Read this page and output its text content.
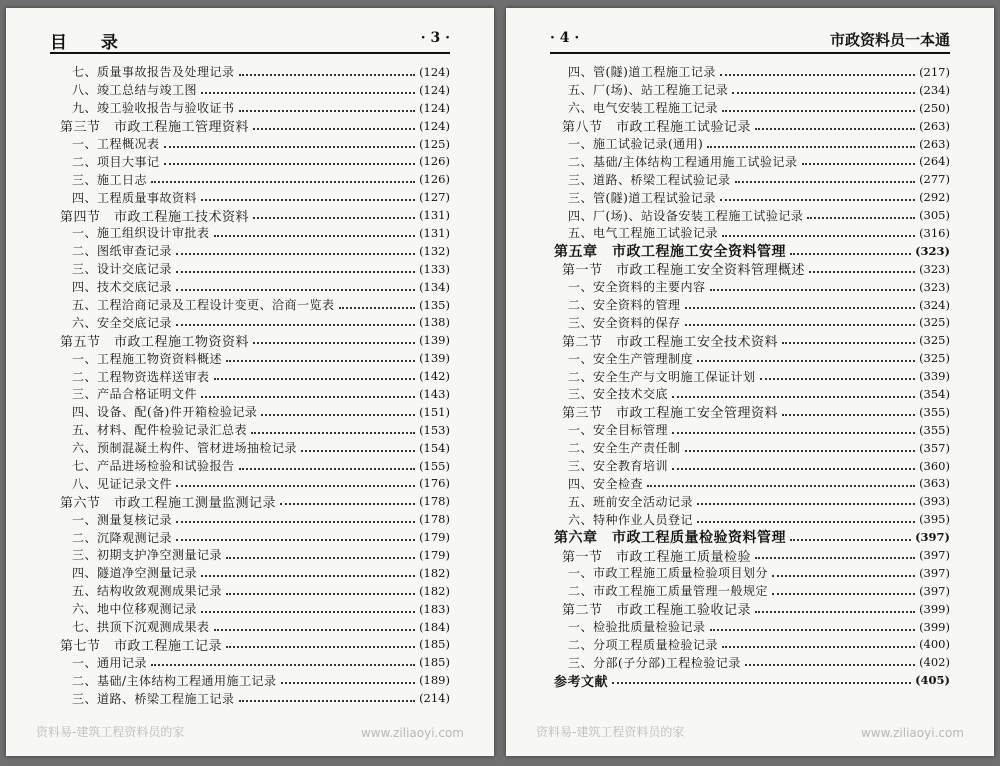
目 录	· 3 ·
七、质量事故报告及处理记录	(124)
八、竣工总结与竣工图	(124)
九、竣工验收报告与验收证书	(124)
第三节　市政工程施工管理资料	(124)
一、工程概况表	(125)
二、项目大事记	(126)
三、施工日志	(126)
四、工程质量事故资料	(127)
第四节　市政工程施工技术资料	(131)
一、施工组织设计审批表	(131)
二、图纸审查记录	(132)
三、设计交底记录	(133)
四、技术交底记录	(134)
五、工程洽商记录及工程设计变更、洽商一览表	(135)
六、安全交底记录	(138)
第五节　市政工程施工物资资料	(139)
一、工程施工物资资料概述	(139)
二、工程物资选样送审表	(142)
三、产品合格证明文件	(143)
四、设备、配(备)件开箱检验记录	(151)
五、材料、配件检验记录汇总表	(153)
六、预制混凝土构件、管材进场抽检记录	(154)
七、产品进场检验和试验报告	(155)
八、见证记录文件	(176)
第六节　市政工程施工测量监测记录	(178)
一、测量复核记录	(178)
二、沉降观测记录	(179)
三、初期支护净空测量记录	(179)
四、隧道净空测量记录	(182)
五、结构收敛观测成果记录	(182)
六、地中位移观测记录	(183)
七、拱顶下沉观测成果表	(184)
第七节　市政工程施工记录	(185)
一、通用记录	(185)
二、基础/主体结构工程通用施工记录	(189)
三、道路、桥梁工程施工记录	(214)
资料易-建筑工程资料员的家	www.ziliaoyi.com
· 4 ·	市政资料员一本通
四、管(隧)道工程施工记录	(217)
五、厂(场)、站工程施工记录	(234)
六、电气安装工程施工记录	(250)
第八节　市政工程施工试验记录	(263)
一、施工试验记录(通用)	(263)
二、基础/主体结构工程通用施工试验记录	(264)
三、道路、桥梁工程试验记录	(277)
三、管(隧)道工程试验记录	(292)
四、厂(场)、站设备安装工程施工试验记录	(305)
五、电气工程施工试验记录	(316)
第五章　市政工程施工安全资料管理	(323)
第一节　市政工程施工安全资料管理概述	(323)
一、安全资料的主要内容	(323)
二、安全资料的管理	(324)
三、安全资料的保存	(325)
第二节　市政工程施工安全技术资料	(325)
一、安全生产管理制度	(325)
二、安全生产与文明施工保证计划	(339)
三、安全技术交底	(354)
第三节　市政工程施工安全管理资料	(355)
一、安全目标管理	(355)
二、安全生产责任制	(357)
三、安全教育培训	(360)
四、安全检查	(363)
五、班前安全活动记录	(393)
六、特种作业人员登记	(395)
第六章　市政工程质量检验资料管理	(397)
第一节　市政工程施工质量检验	(397)
一、市政工程施工质量检验项目划分	(397)
二、市政工程施工质量管理一般规定	(397)
第二节　市政工程施工验收记录	(399)
一、检验批质量检验记录	(399)
二、分项工程质量检验记录	(400)
三、分部(子分部)工程检验记录	(402)
参考文献	(405)
资料易-建筑工程资料员的家	www.ziliaoyi.com
